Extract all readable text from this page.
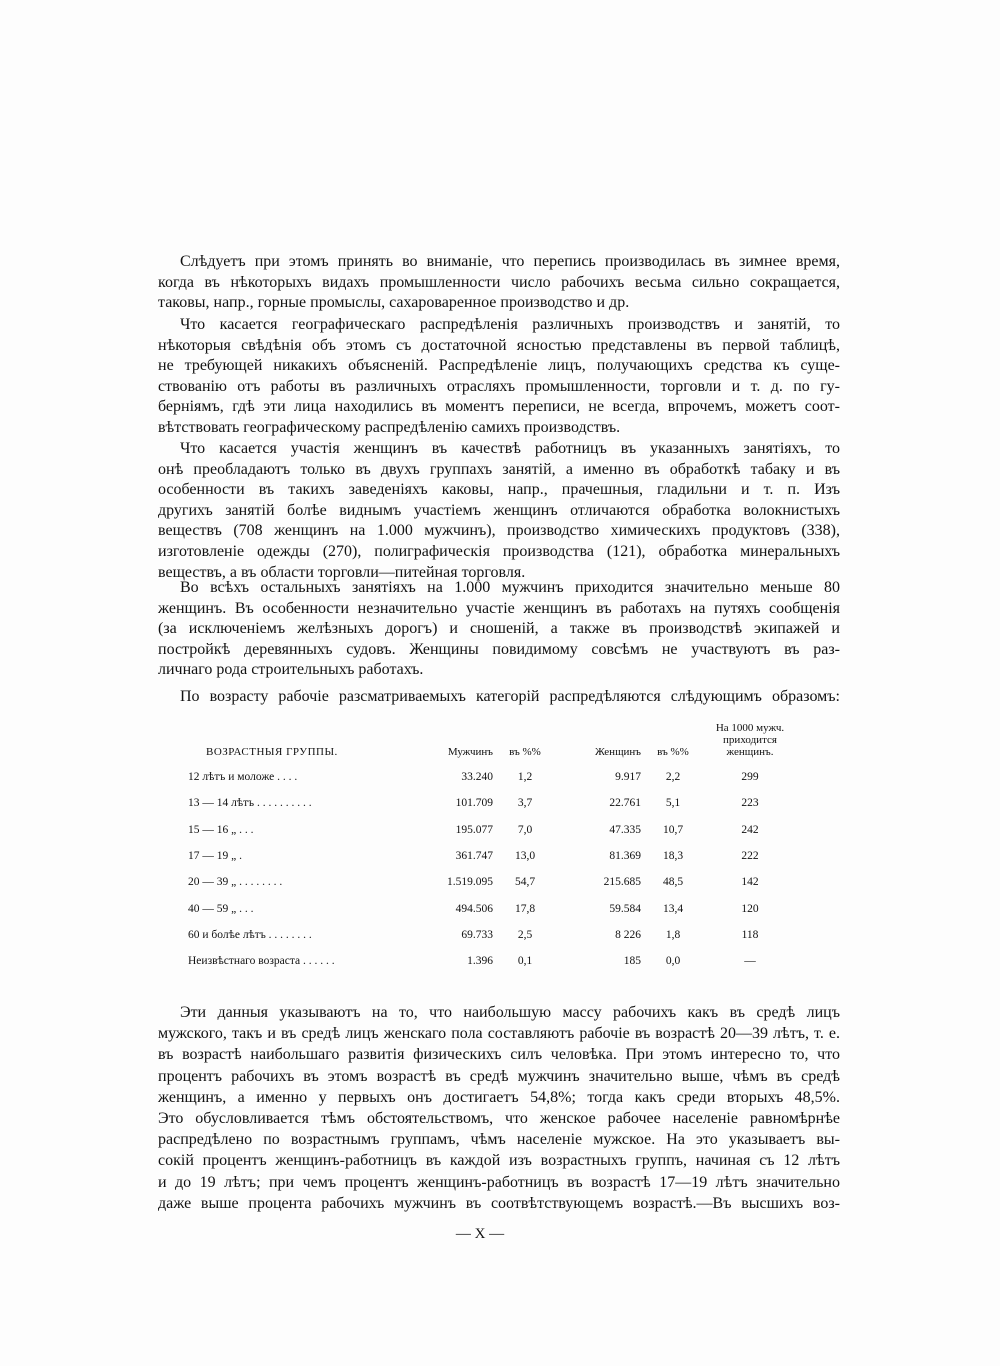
Слѣдуетъ при этомъ принять во вниманіе, что перепись производилась въ зимнее время,
когда въ нѣкоторыхъ видахъ промышленности число рабочихъ весьма сильно сокращается,
таковы, напр., горные промыслы, сахароваренное производство и др.
Что касается географическаго распредѣленія различныхъ производствъ и занятій, то
нѣкоторыя свѣдѣнія объ этомъ съ достаточной ясностью представлены въ первой таблицѣ,
не требующей никакихъ объясненій. Распредѣленіе лицъ, получающихъ средства къ суще-
ствованію отъ работы въ различныхъ отрасляхъ промышленности, торговли и т. д. по гу-
берніямъ, гдѣ эти лица находились въ моментъ переписи, не всегда, впрочемъ, можетъ соот-
вѣтствовать географическому распредѣленію самихъ производствъ.
Что касается участія женщинъ въ качествѣ работницъ въ указанныхъ занятіяхъ, то
онѣ преобладаютъ только въ двухъ группахъ занятій, а именно въ обработкѣ табаку и въ
особенности въ такихъ заведеніяхъ каковы, напр., прачешныя, гладильни и т. п. Изъ
другихъ занятій болѣе виднымъ участіемъ женщинъ отличаются обработка волокнистыхъ
веществъ (708 женщинъ на 1.000 мужчинъ), производство химическихъ продуктовъ (338),
изготовленіе одежды (270), полиграфическія производства (121), обработка минеральныхъ
веществъ, а въ области торговли—питейная торговля.
Во всѣхъ остальныхъ занятіяхъ на 1.000 мужчинъ приходится значительно меньше 80
женщинъ. Въ особенности незначительно участіе женщинъ въ работахъ на путяхъ сообщенія
(за исключеніемъ желѣзныхъ дорогъ) и сношеній, а также въ производствѣ экипажей и
постройкѣ деревянныхъ судовъ. Женщины повидимому совсѣмъ не участвуютъ въ раз-
личнаго рода строительныхъ работахъ.
По возрасту рабочіе разсматриваемыхъ категорій распредѣляются слѣдующимъ образомъ:
ВОЗРАСТНЫЯ ГРУППЫ.	Мужчинъ	въ %%	Женщинъ	въ %%	На 1000 мужч. приходится женщинъ.
12 лѣтъ и моложе . . . .	33.240	1,2	9.917	2,2	299
13 — 14 лѣтъ . . . . . . . . . .	101.709	3,7	22.761	5,1	223
15 — 16 „ . . .	195.077	7,0	47.335	10,7	242
17 — 19 „ .	361.747	13,0	81.369	18,3	222
20 — 39 „ . . . . . . . .	1.519.095	54,7	215.685	48,5	142
40 — 59 „ . . .	494.506	17,8	59.584	13,4	120
60 и болѣе лѣтъ . . . . . . . .	69.733	2,5	8 226	1,8	118
Неизвѣстнаго возраста . . . . . .	1.396	0,1	185	0,0	—
Эти данныя указываютъ на то, что наибольшую массу рабочихъ какъ въ средѣ лицъ
мужского, такъ и въ средѣ лицъ женскаго пола составляютъ рабочіе въ возрастѣ 20—39 лѣтъ, т. е.
въ возрастѣ наибольшаго развитія физическихъ силъ человѣка. При этомъ интересно то, что
процентъ рабочихъ въ этомъ возрастѣ въ средѣ мужчинъ значительно выше, чѣмъ въ средѣ
женщинъ, а именно у первыхъ онъ достигаетъ 54,8%; тогда какъ среди вторыхъ 48,5%.
Это обусловливается тѣмъ обстоятельствомъ, что женское рабочее населеніе равномѣрнѣе
распредѣлено по возрастнымъ группамъ, чѣмъ населеніе мужское. На это указываетъ вы-
сокій процентъ женщинъ-работницъ въ каждой изъ возрастныхъ группъ, начиная съ 12 лѣтъ
и до 19 лѣтъ; при чемъ процентъ женщинъ-работницъ въ возрастѣ 17—19 лѣтъ значительно
даже выше процента рабочихъ мужчинъ въ соотвѣтствующемъ возрастѣ.—Въ высшихъ воз-
— X —
